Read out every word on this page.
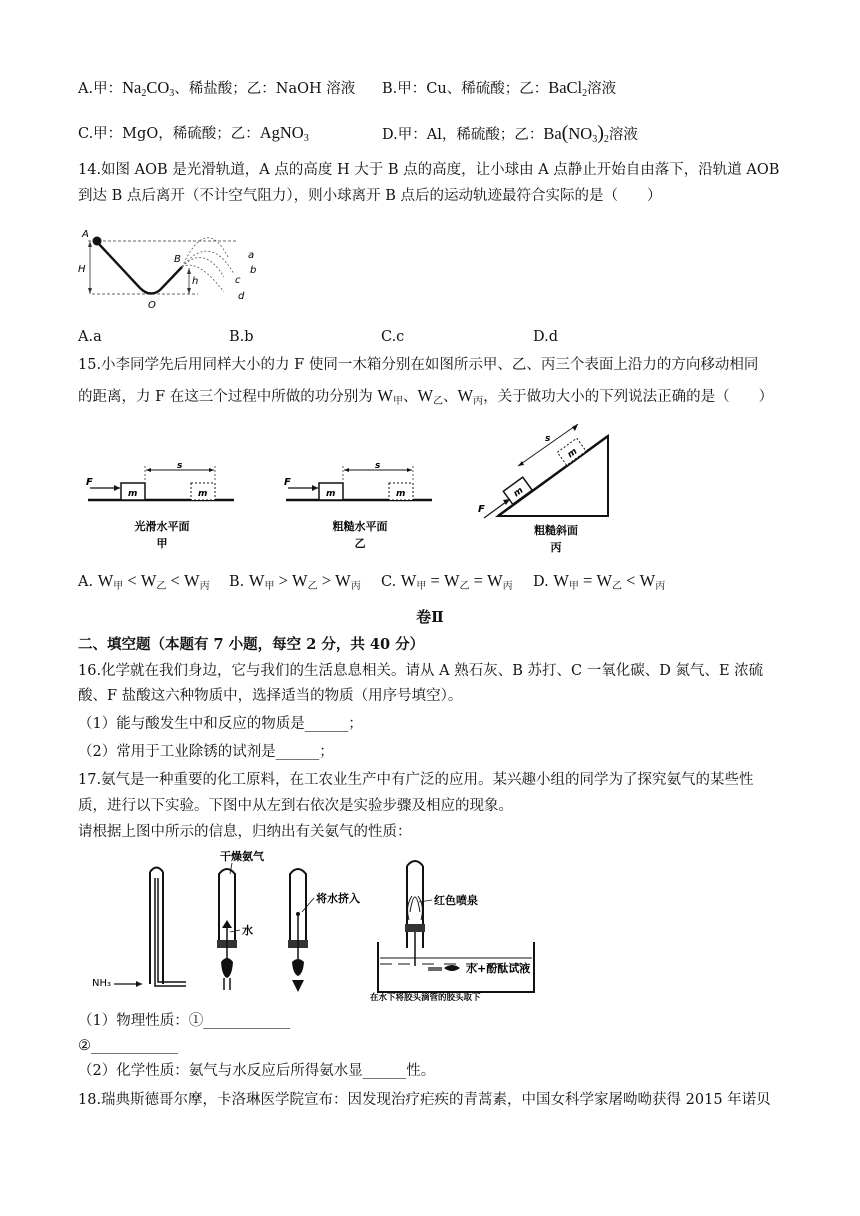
A.甲：$Na_2CO_3$、稀盐酸；乙：NaOH 溶液 B.甲：Cu、稀硫酸；乙：BaCl$_2$溶液
C.甲：MgO，稀硫酸；乙：AgNO$_3$	D.甲：Al，稀硫酸；乙：$Ba(NO_3)_2$溶液
14.如图 AOB 是光滑轨道，A 点的高度 H 大于 B 点的高度，让小球由 A 点静止开始自由落下，沿轨道 AOB
到达 B 点后离开（不计空气阻力），则小球离开 B 点后的运动轨迹最符合实际的是（　　）
A
H
B
h
O
a
b
c
d
A.a	B.b	C.c	D.d
15.小李同学先后用同样大小的力 F 使同一木箱分别在如图所示甲、乙、丙三个表面上沿力的方向移动相同
的距离，力 F 在这三个过程中所做的功分别为 $W_甲$、$W_乙$、$W_丙$，关于做功大小的下列说法正确的是（　　）
F
m	m
s
光滑水平面
甲
F
m	m
s
粗糙水平面
乙
m
m
F
s
粗糙斜面
丙
A. $W_甲 < W_乙 < W_丙$ B. $W_甲 > W_乙 > W_丙$ C. $W_甲 = W_乙 = W_丙$ D. $W_甲 = W_乙 < W_丙$
卷Ⅱ
二、填空题（本题有 7 小题，每空 2 分，共 40 分）
16.化学就在我们身边，它与我们的生活息息相关。请从 A 熟石灰、B 苏打、C 一氧化碳、D 氮气、E 浓硫
酸、F 盐酸这六种物质中，选择适当的物质（用序号填空）。
（1）能与酸发生中和反应的物质是______；
（2）常用于工业除锈的试剂是______；
17.氨气是一种重要的化工原料，在工农业生产中有广泛的应用。某兴趣小组的同学为了探究氨气的某些性
质，进行以下实验。下图中从左到右依次是实验步骤及相应的现象。
请根据上图中所示的信息，归纳出有关氨气的性质：
NH₃
干燥氨气
水
将水挤入	红色喷泉
水+酚酞试液
在水下将胶头滴管的胶头取下
（1）物理性质：①____________
②____________
（2）化学性质：氨气与水反应后所得氨水显______性。
18.瑞典斯德哥尔摩，卡洛琳医学院宣布：因发现治疗疟疾的青蒿素，中国女科学家屠呦呦获得 2015 年诺贝
